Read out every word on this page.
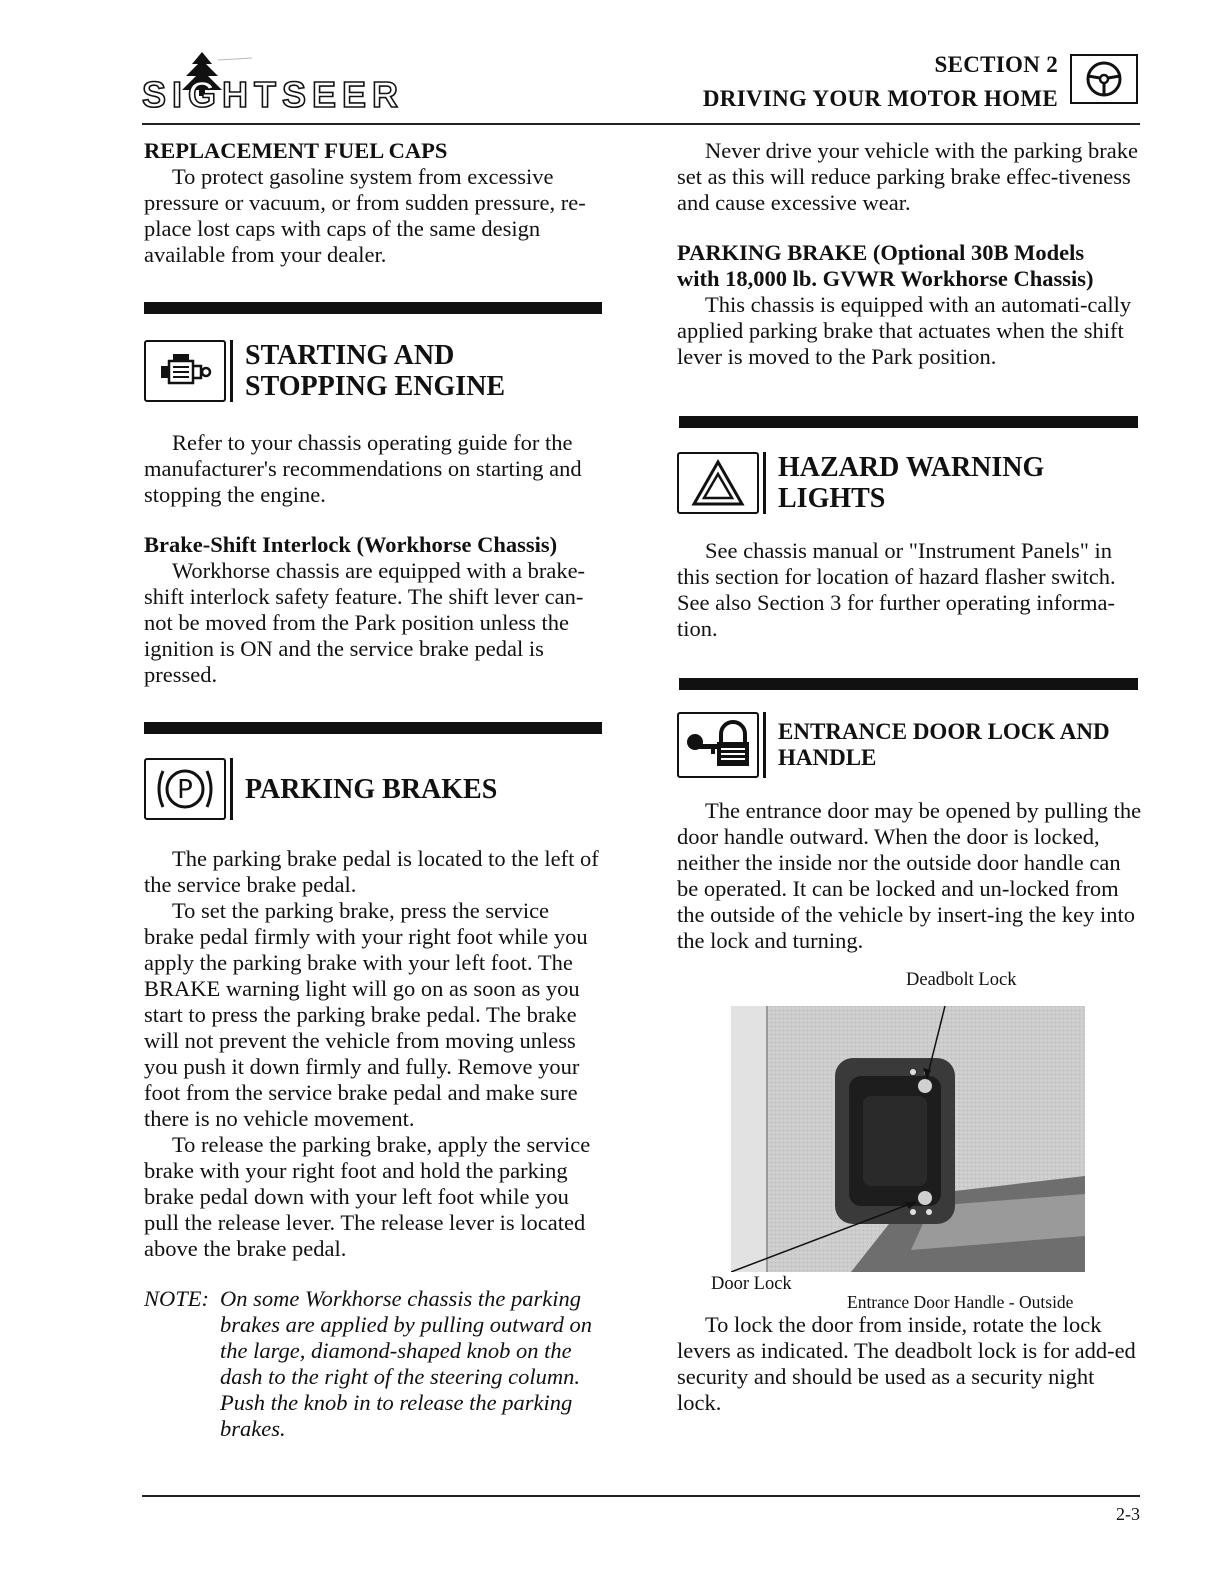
SIGHTSEER
SECTION 2
DRIVING YOUR MOTOR HOME
REPLACEMENT FUEL CAPS

To protect gasoline system from excessive pressure or vacuum, or from sudden pressure, re-place lost caps with caps of the same design available from your dealer.

STARTING AND
STOPPING ENGINE

Refer to your chassis operating guide for the manufacturer's recommendations on starting and stopping the engine.

Brake-Shift Interlock (Workhorse Chassis)

Workhorse chassis are equipped with a brake-shift interlock safety feature. The shift lever can-not be moved from the Park position unless the ignition is ON and the service brake pedal is pressed.

P PARKING BRAKES

The parking brake pedal is located to the left of the service brake pedal.

To set the parking brake, press the service brake pedal firmly with your right foot while you apply the parking brake with your left foot. The BRAKE warning light will go on as soon as you start to press the parking brake pedal. The brake will not prevent the vehicle from moving unless you push it down firmly and fully. Remove your foot from the service brake pedal and make sure there is no vehicle movement.

To release the parking brake, apply the service brake with your right foot and hold the parking brake pedal down with your left foot while you pull the release lever. The release lever is located above the brake pedal.

NOTE: On some Workhorse chassis the parking brakes are applied by pulling outward on the large, diamond-shaped knob on the dash to the right of the steering column. Push the knob in to release the parking brakes.

Never drive your vehicle with the parking brake set as this will reduce parking brake effec-tiveness and cause excessive wear.

PARKING BRAKE (Optional 30B Models
with 18,000 lb. GVWR Workhorse Chassis)

This chassis is equipped with an automati-cally applied parking brake that actuates when the shift lever is moved to the Park position.

HAZARD WARNING
LIGHTS

See chassis manual or "Instrument Panels" in this section for location of hazard flasher switch. See also Section 3 for further operating informa-tion.

ENTRANCE DOOR LOCK AND
HANDLE

The entrance door may be opened by pulling the door handle outward. When the door is locked, neither the inside nor the outside door handle can be operated. It can be locked and un-locked from the outside of the vehicle by insert-ing the key into the lock and turning.

Deadbolt Lock
Door Lock
Entrance Door Handle - Outside

To lock the door from inside, rotate the lock levers as indicated. The deadbolt lock is for add-ed security and should be used as a security night lock.

2-3
